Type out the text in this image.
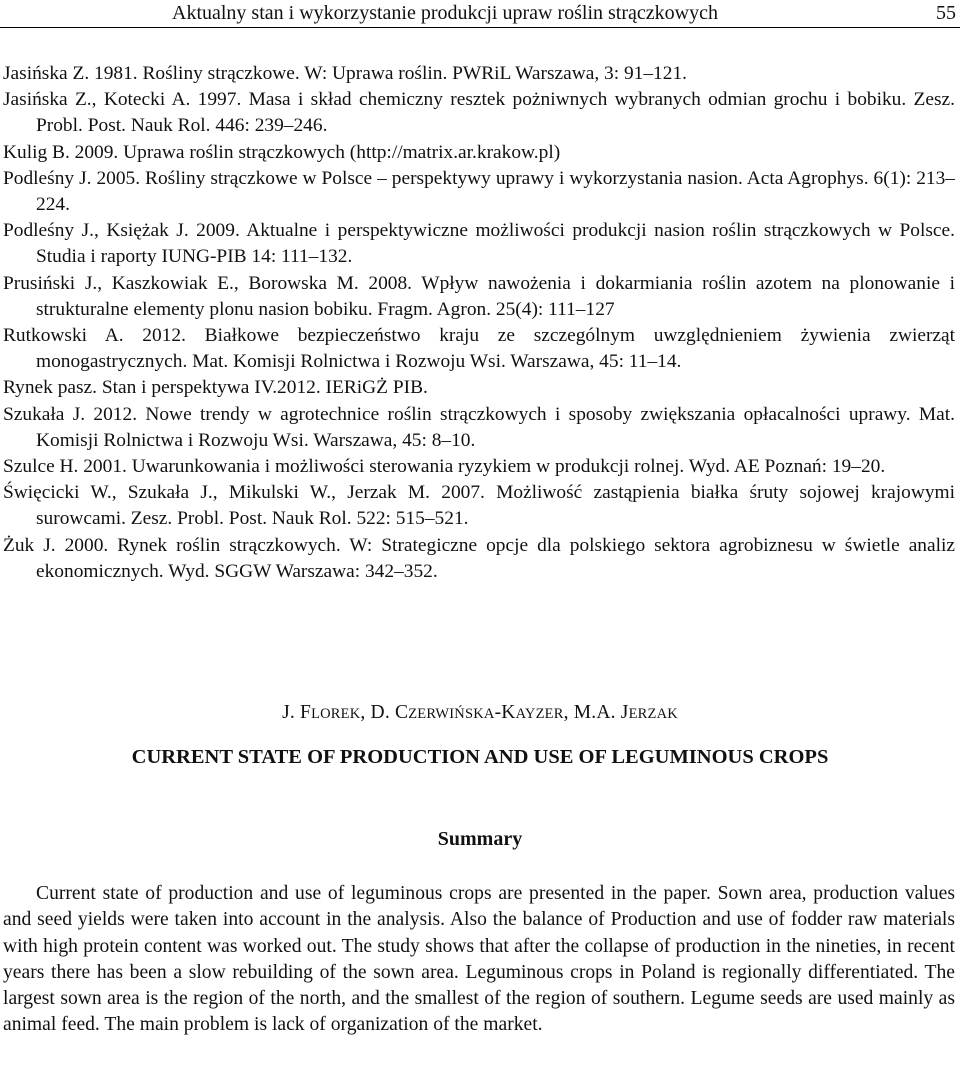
Aktualny stan i wykorzystanie produkcji upraw roślin strączkowych	55

Jasińska Z. 1981. Rośliny strączkowe. W: Uprawa roślin. PWRiL Warszawa, 3: 91–121.

Jasińska Z., Kotecki A. 1997. Masa i skład chemiczny resztek pożniwnych wybranych odmian grochu i bobiku. Zesz. Probl. Post. Nauk Rol. 446: 239–246.

Kulig B. 2009. Uprawa roślin strączkowych (http://matrix.ar.krakow.pl)

Podleśny J. 2005. Rośliny strączkowe w Polsce – perspektywy uprawy i wykorzystania nasion. Acta Agrophys. 6(1): 213–224.

Podleśny J., Księżak J. 2009. Aktualne i perspektywiczne możliwości produkcji nasion roślin strączkowych w Polsce. Studia i raporty IUNG-PIB 14: 111–132.

Prusiński J., Kaszkowiak E., Borowska M. 2008. Wpływ nawożenia i dokarmiania roślin azotem na plonowanie i strukturalne elementy plonu nasion bobiku. Fragm. Agron. 25(4): 111–127

Rutkowski A. 2012. Białkowe bezpieczeństwo kraju ze szczególnym uwzględnieniem żywienia zwierząt monogastrycznych. Mat. Komisji Rolnictwa i Rozwoju Wsi. Warszawa, 45: 11–14.

Rynek pasz. Stan i perspektywa IV.2012. IERiGŻ PIB.

Szukała J. 2012. Nowe trendy w agrotechnice roślin strączkowych i sposoby zwiększania opłacalności uprawy. Mat. Komisji Rolnictwa i Rozwoju Wsi. Warszawa, 45: 8–10.

Szulce H. 2001. Uwarunkowania i możliwości sterowania ryzykiem w produkcji rolnej. Wyd. AE Poznań: 19–20.

Święcicki W., Szukała J., Mikulski W., Jerzak M. 2007. Możliwość zastąpienia białka śruty sojowej krajowymi surowcami. Zesz. Probl. Post. Nauk Rol. 522: 515–521.

Żuk J. 2000. Rynek roślin strączkowych. W: Strategiczne opcje dla polskiego sektora agrobiznesu w świetle analiz ekonomicznych. Wyd. SGGW Warszawa: 342–352.

J. FLOREK, D. CZERWIŃSKA-KAYZER, M.A. JERZAK
CURRENT STATE OF PRODUCTION AND USE OF LEGUMINOUS CROPS
Summary

Current state of production and use of leguminous crops are presented in the paper. Sown area, production values and seed yields were taken into account in the analysis. Also the balance of Production and use of fodder raw materials with high protein content was worked out. The study shows that after the collapse of production in the nineties, in recent years there has been a slow rebuilding of the sown area. Leguminous crops in Poland is regionally differentiated. The largest sown area is the region of the north, and the smallest of the region of southern. Legume seeds are used mainly as animal feed. The main problem is lack of organization of the market.
